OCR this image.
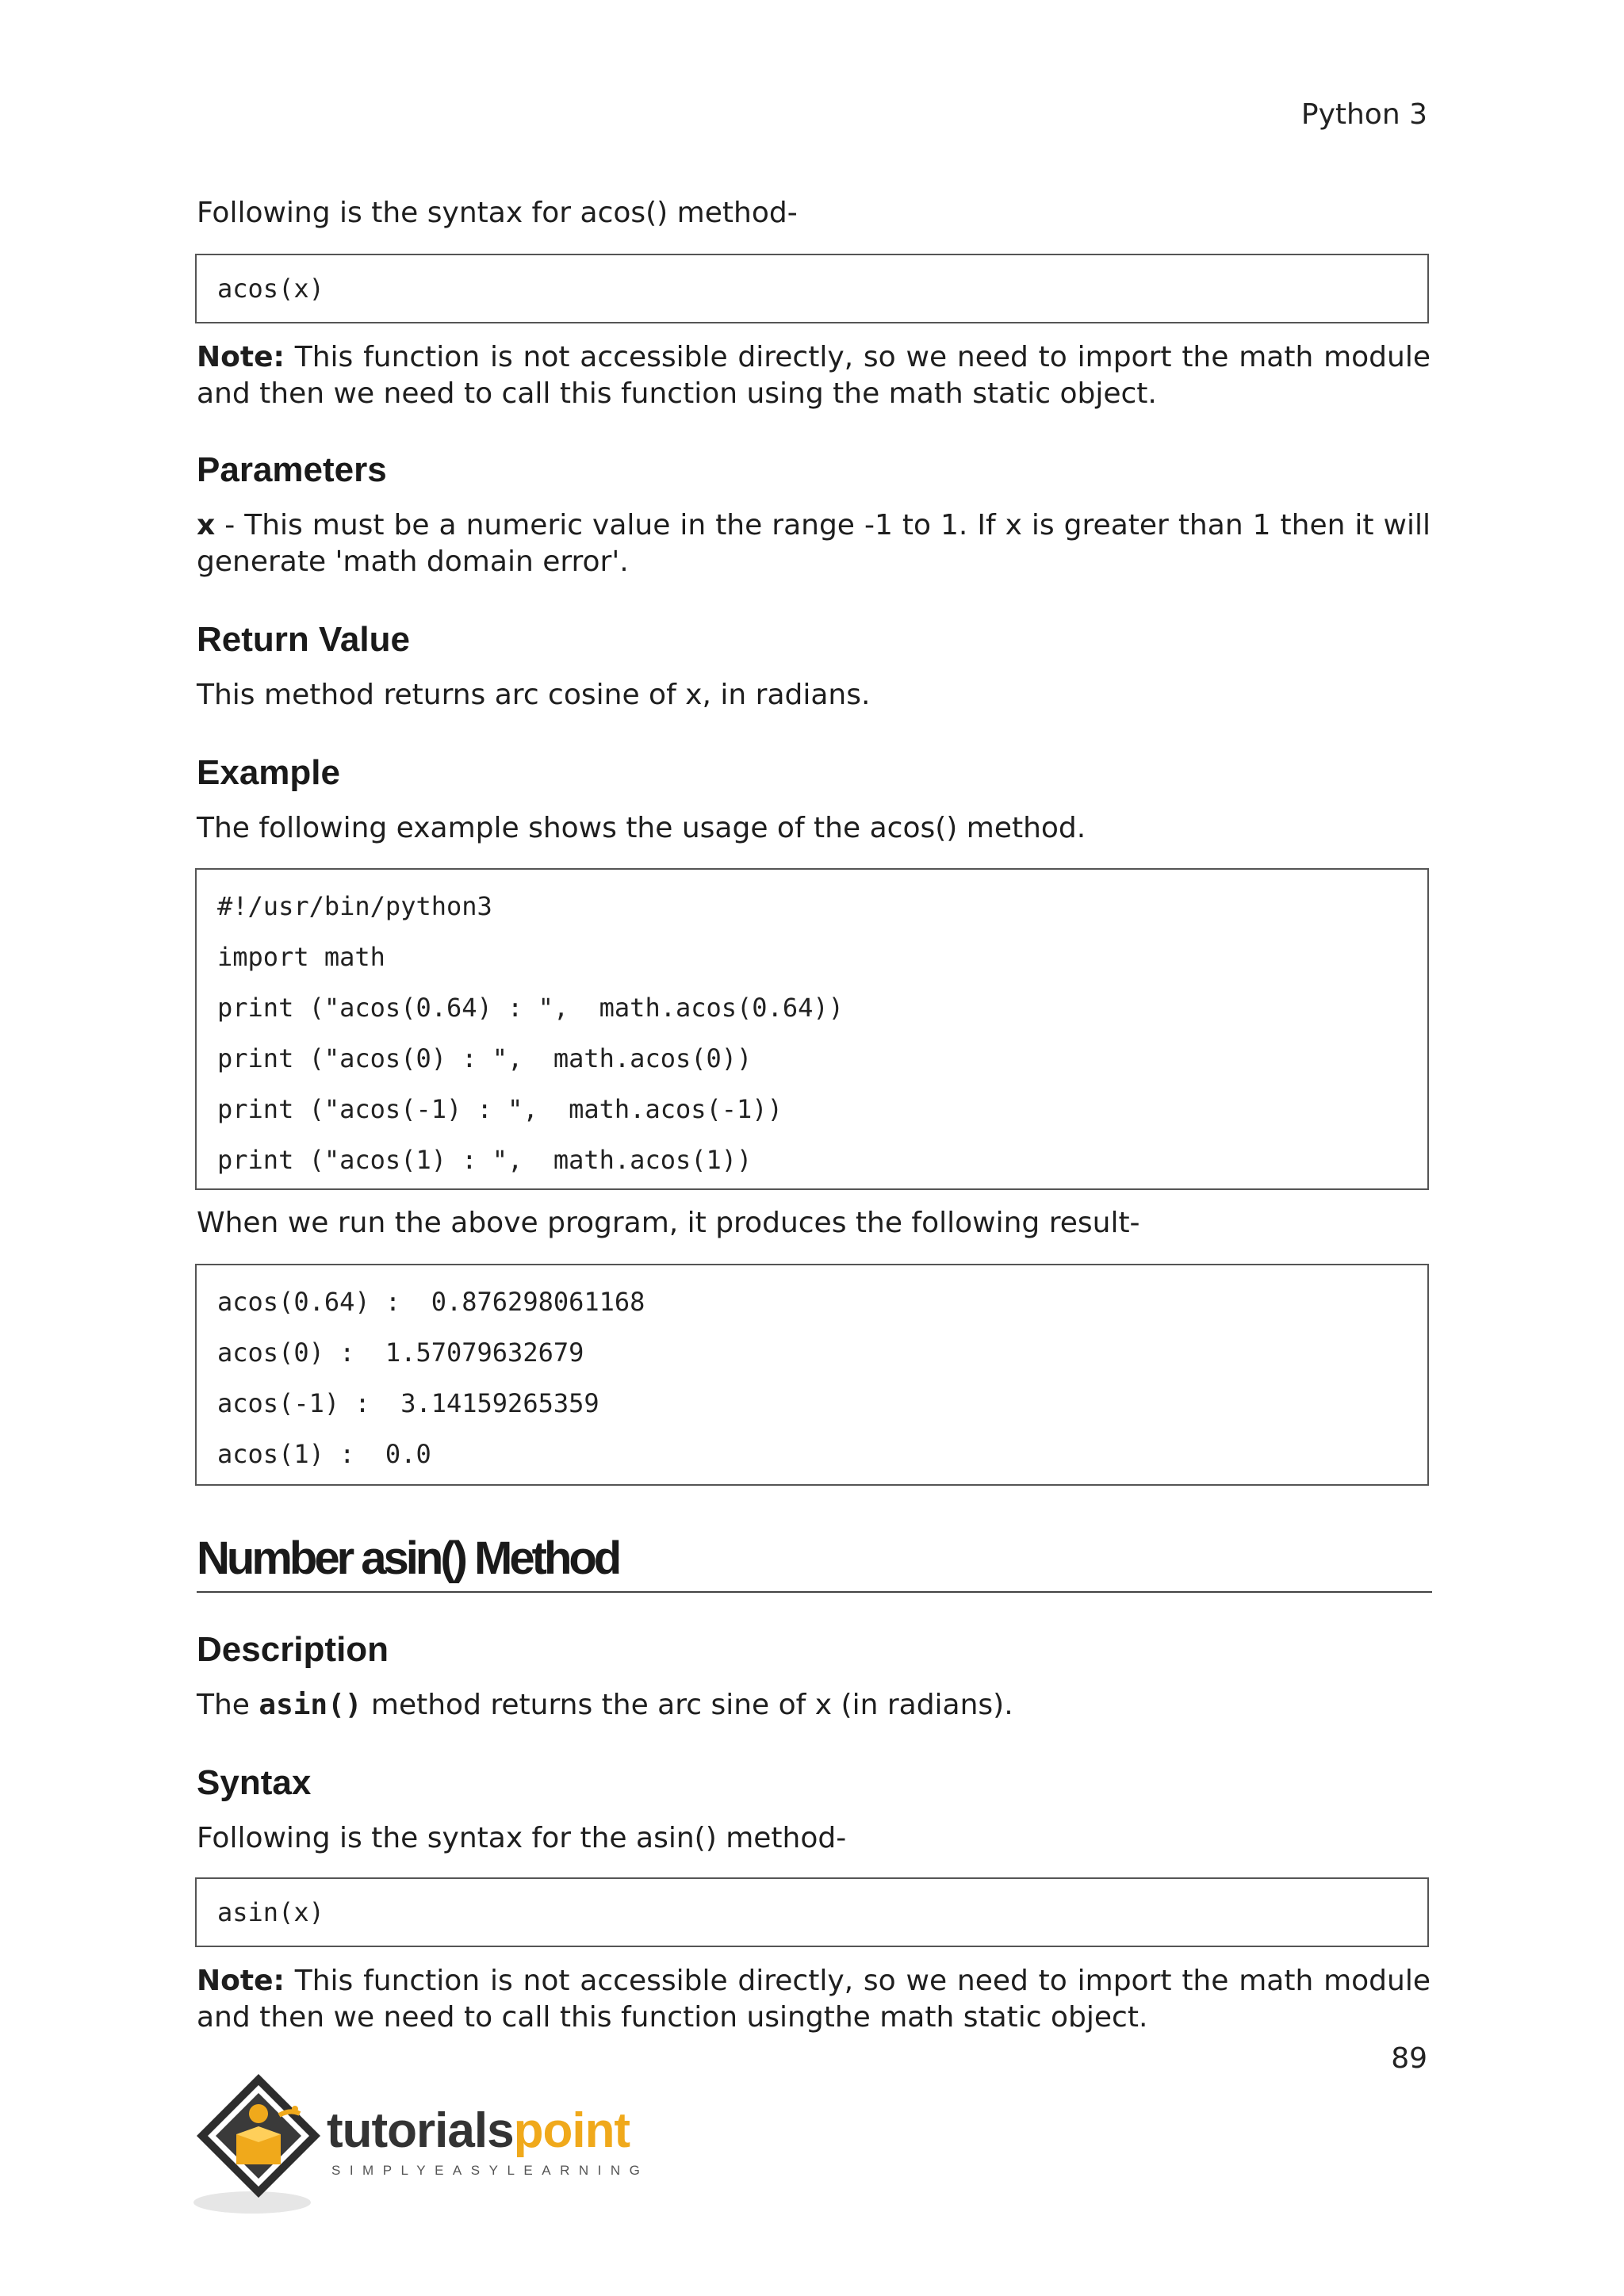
Python 3
Following is the syntax for acos() method-
acos(x)
Note: This function is not accessible directly, so we need to import the math module and then we need to call this function using the math static object.
Parameters
x - This must be a numeric value in the range -1 to 1. If x is greater than 1 then it will generate 'math domain error'.
Return Value
This method returns arc cosine of x, in radians.
Example
The following example shows the usage of the acos() method.
#!/usr/bin/python3
import math
print ("acos(0.64) : ",  math.acos(0.64))
print ("acos(0) : ",  math.acos(0))
print ("acos(-1) : ",  math.acos(-1))
print ("acos(1) : ",  math.acos(1))
When we run the above program, it produces the following result-
acos(0.64) :  0.876298061168
acos(0) :  1.57079632679
acos(-1) :  3.14159265359
acos(1) :  0.0
Number asin() Method
Description
The asin() method returns the arc sine of x (in radians).
Syntax
Following is the syntax for the asin() method-
asin(x)
Note: This function is not accessible directly, so we need to import the math module and then we need to call this function usingthe math static object.
89
tutorialspoint
SIMPLYEASYLEARNING
